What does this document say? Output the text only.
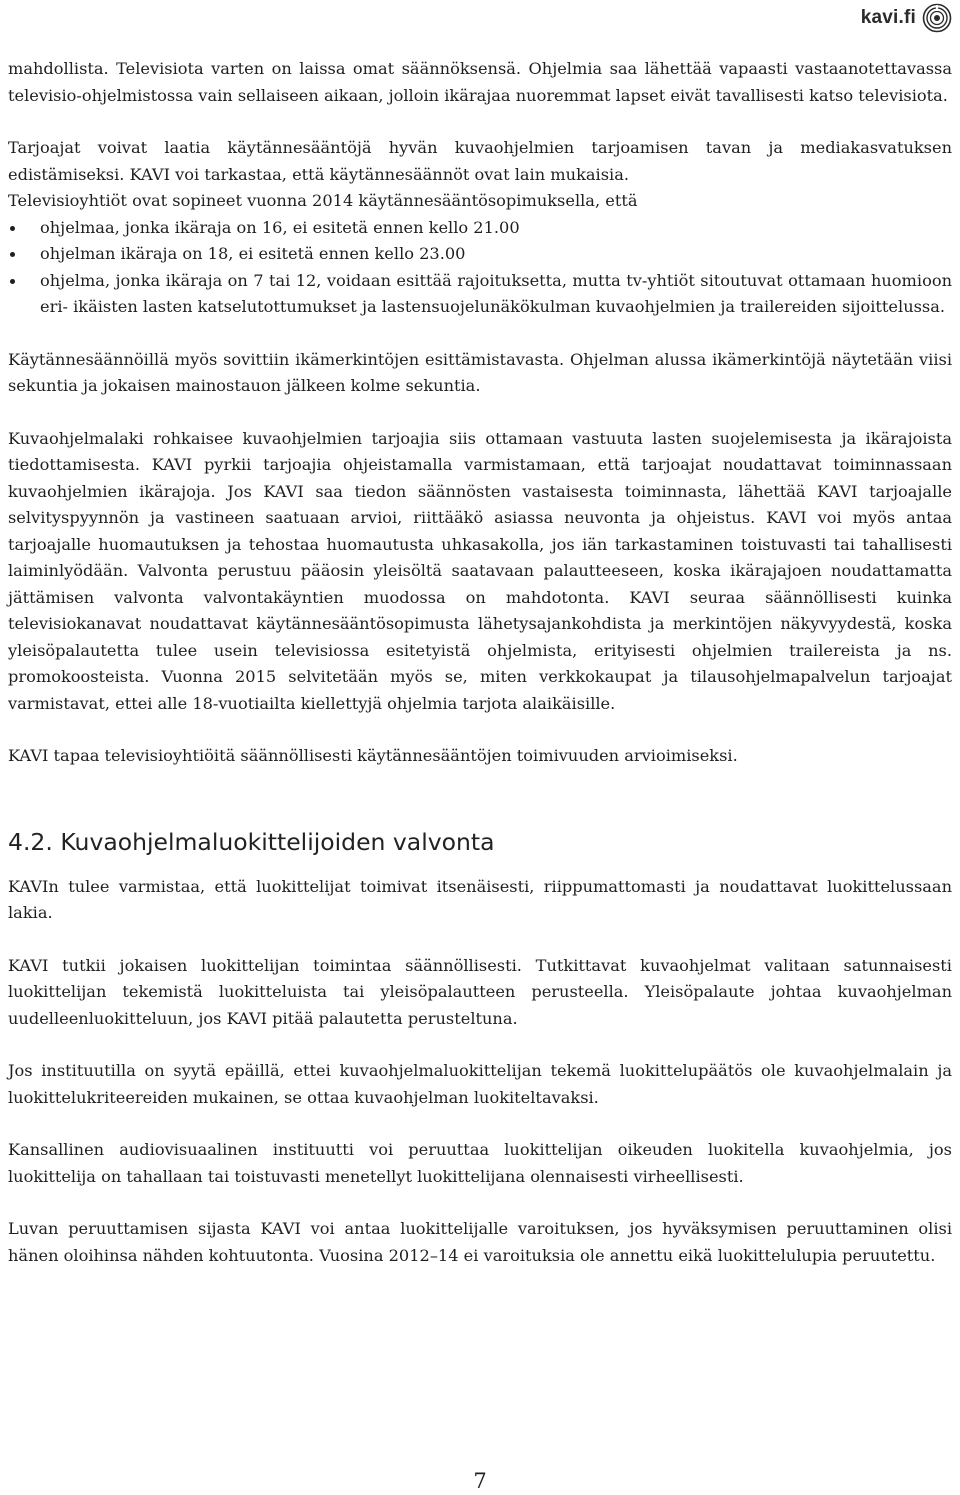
kavi.fi

mahdollista. Televisiota varten on laissa omat säännöksensä. Ohjelmia saa lähettää vapaasti vastaanotettavassa televisio-ohjelmistossa vain sellaiseen aikaan, jolloin ikärajaa nuoremmat lapset eivät tavallisesti katso televisiota.

Tarjoajat voivat laatia käytännesääntöjä hyvän kuvaohjelmien tarjoamisen tavan ja mediakasvatuksen edistämiseksi. KAVI voi tarkastaa, että käytännesäännöt ovat lain mukaisia.

Televisioyhtiöt ovat sopineet vuonna 2014 käytännesääntösopimuksella, että

ohjelmaa, jonka ikäraja on 16, ei esitetä ennen kello 21.00
ohjelman ikäraja on 18, ei esitetä ennen kello 23.00
ohjelma, jonka ikäraja on 7 tai 12, voidaan esittää rajoituksetta, mutta tv-yhtiöt sitoutuvat ottamaan huomioon eri- ikäisten lasten katselutottumukset ja lastensuojelunäkökulman kuvaohjelmien ja trailereiden sijoittelussa.

Käytännesäännöillä myös sovittiin ikämerkintöjen esittämistavasta. Ohjelman alussa ikämerkintöjä näytetään viisi sekuntia ja jokaisen mainostauon jälkeen kolme sekuntia.

Kuvaohjelmalaki rohkaisee kuvaohjelmien tarjoajia siis ottamaan vastuuta lasten suojelemisesta ja ikärajoista tiedottamisesta. KAVI pyrkii tarjoajia ohjeistamalla varmistamaan, että tarjoajat noudattavat toiminnassaan kuvaohjelmien ikärajoja. Jos KAVI saa tiedon säännösten vastaisesta toiminnasta, lähettää KAVI tarjoajalle selvityspyynnön ja vastineen saatuaan arvioi, riittääkö asiassa neuvonta ja ohjeistus. KAVI voi myös antaa tarjoajalle huomautuksen ja tehostaa huomautusta uhkasakolla, jos iän tarkastaminen toistuvasti tai tahallisesti laiminlyödään. Valvonta perustuu pääosin yleisöltä saatavaan palautteeseen, koska ikärajajoen noudattamatta jättämisen valvonta valvontakäyntien muodossa on mahdotonta. KAVI seuraa säännöllisesti kuinka televisiokanavat noudattavat käytännesääntösopimusta lähetysajankohdista ja merkintöjen näkyvyydestä, koska yleisöpalautetta tulee usein televisiossa esitetyistä ohjelmista, erityisesti ohjelmien trailereista ja ns. promokoosteista. Vuonna 2015 selvitetään myös se, miten verkkokaupat ja tilausohjelmapalvelun tarjoajat varmistavat, ettei alle 18-vuotiailta kiellettyjä ohjelmia tarjota alaikäisille.

KAVI tapaa televisioyhtiöitä säännöllisesti käytännesääntöjen toimivuuden arvioimiseksi.

4.2. Kuvaohjelmaluokittelijoiden valvonta

KAVIn tulee varmistaa, että luokittelijat toimivat itsenäisesti, riippumattomasti ja noudattavat luokittelussaan lakia.

KAVI tutkii jokaisen luokittelijan toimintaa säännöllisesti. Tutkittavat kuvaohjelmat valitaan satunnaisesti luokittelijan tekemistä luokitteluista tai yleisöpalautteen perusteella. Yleisöpalaute johtaa kuvaohjelman uudelleenluokitteluun, jos KAVI pitää palautetta perusteltuna.

Jos instituutilla on syytä epäillä, ettei kuvaohjelmaluokittelijan tekemä luokittelupäätös ole kuvaohjelmalain ja luokittelukriteereiden mukainen, se ottaa kuvaohjelman luokiteltavaksi.

Kansallinen audiovisuaalinen instituutti voi peruuttaa luokittelijan oikeuden luokitella kuvaohjelmia, jos luokittelija on tahallaan tai toistuvasti menetellyt luokittelijana olennaisesti virheellisesti.

Luvan peruuttamisen sijasta KAVI voi antaa luokittelijalle varoituksen, jos hyväksymisen peruuttaminen olisi hänen oloihinsa nähden kohtuutonta. Vuosina 2012–14 ei varoituksia ole annettu eikä luokittelulupia peruutettu.

7
